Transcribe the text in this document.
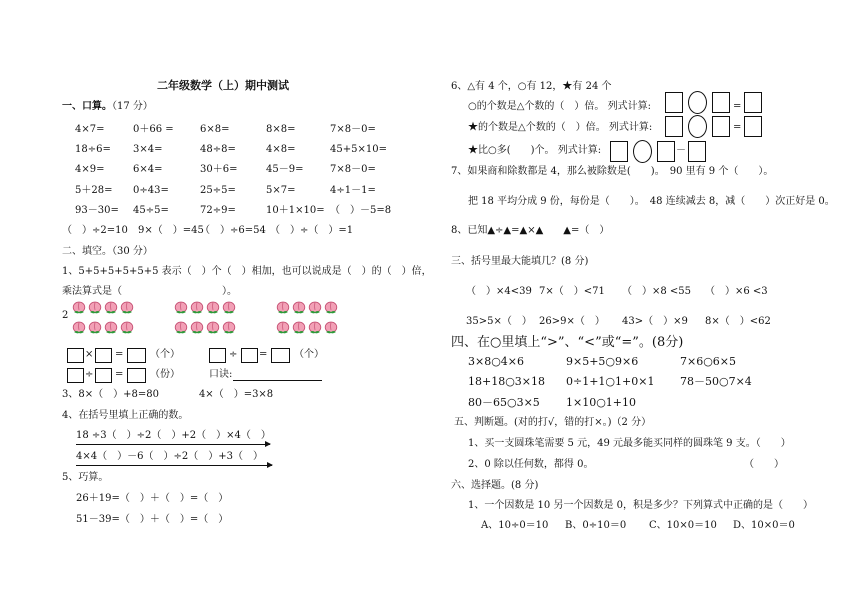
二年级数学（上）期中测试
一、口算。（17 分）
4×7=	0＋66 =	6×8=	8×8=	7×8－0=
18÷6= 3×4=	48÷8=	4×8=	45+5×10=
4×9=	6×4=	30＋6=	45－9=	7×8－0=
5＋28= 0÷43=	25÷5=	5×7=	4÷1－1=
93－30= 45÷5=	72÷9=	10＋1×10= （　）－5=8
（　）÷2=10 9×（　）=45
（　）÷6=54 （　）÷（　）=1
二、填空。（30 分）
1、5+5+5+5+5+5 表示（　）个（　）相加，也可以说成是（　）的（　）倍，
乘法算式是（　　　　　　　　　　）。
2
× =	（个）	÷ =	（个）
÷ =	（份）	口诀:
3、8×（　）+8=80　　　　4×（　）=3×8
4、在括号里填上正确的数。
18 ÷3（　）÷2（　）+2（　）×4（　）
4×4（　）－6（　）÷2（　）+3（　）
5、巧算。
26＋19=（　）＋（　）=（　）
51－39=（　）＋（　）=（　）
6、△有 4 个，○有 12，★有 24 个
○的个数是△个数的（　）倍。 列式计算:	=
★的个数是△个数的（　）倍。 列式计算:	=
★比○多(　　)个。 列式计算:	－
7、如果商和除数都是 4，那么被除数是(　　)。　90 里有 9 个（　　）。
把 18 平均分成 9 份，每份是（　　）。　48 连续减去 8，减（　　）次正好是 0。
8、已知▲÷▲=▲×▲　　▲=（　）
三、括号里最大能填几？(8 分)
（　）×4<39 7×（　）<71 （　）×8 <55 （　）×6 <3
35>5×（　） 26>9×（　） 43>（　）×9 8×（　）<62
四、在○里填上“>”、“<”或“=”。(8分)
3×8○4×6	9×5+5○9×6	7×6○6×5
18+18○3×18 0÷1+1○1+0×1 78－50○7×4
80－65○3×5 1×10○1+10
五、判断题。(对的打√，错的打×。)（2 分）
1、买一支圆珠笔需要 5 元，49 元最多能买同样的圆珠笔 9 支。（　　）
2、0 除以任何数，都得 0。	（　　）
六、选择题。(8 分)
1、一个因数是 10 另一个因数是 0，积是多少？下列算式中正确的是（　　）
A、10÷0＝10 B、0÷10＝0 C、10×0＝10 D、10×0＝0
